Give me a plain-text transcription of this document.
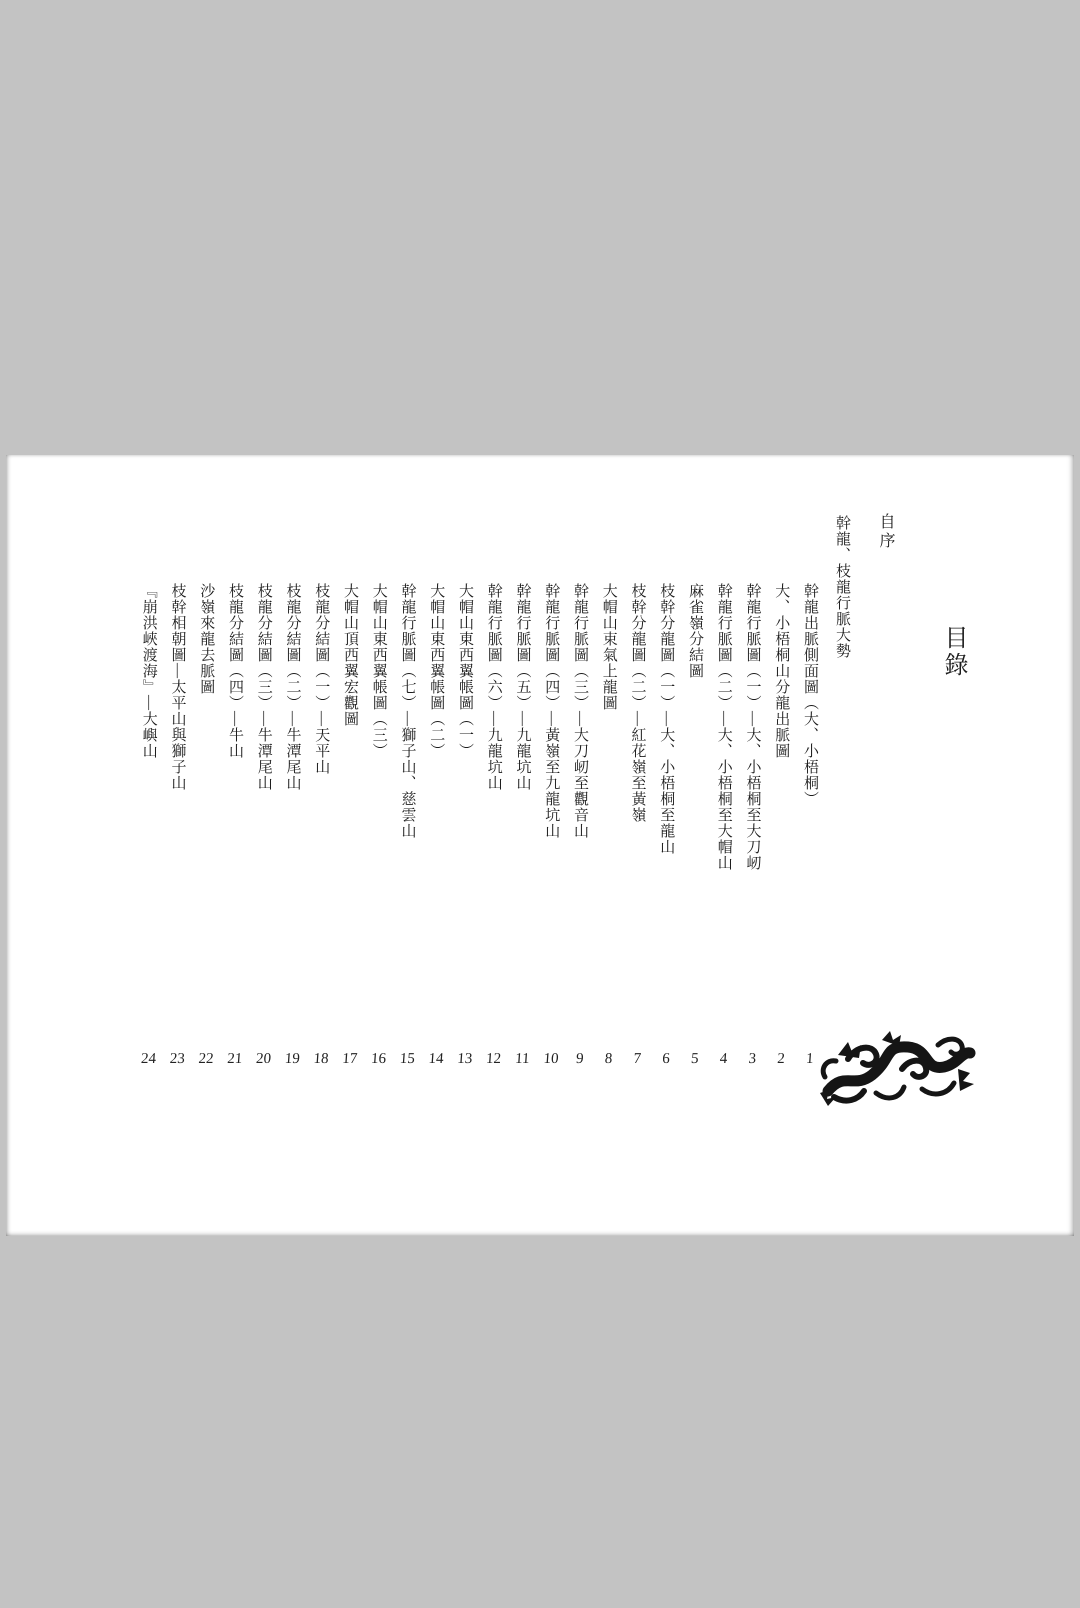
目錄
自序
幹龍、枝龍行脈大勢
幹龍出脈側面圖（大、小梧桐）
大、小梧桐山分龍出脈圖
幹龍行脈圖（一）—大、小梧桐至大刀屻
幹龍行脈圖（二）—大、小梧桐至大帽山
麻雀嶺分結圖
枝幹分龍圖（一）—大、小梧桐至龍山
枝幹分龍圖（二）—紅花嶺至黃嶺
大帽山束氣上龍圖
幹龍行脈圖（三）—大刀屻至觀音山
幹龍行脈圖（四）—黃嶺至九龍坑山
幹龍行脈圖（五）—九龍坑山
幹龍行脈圖（六）—九龍坑山
大帽山東西翼帳圖（一）
大帽山東西翼帳圖（二）
幹龍行脈圖（七）—獅子山、慈雲山
大帽山東西翼帳圖（三）
大帽山頂西翼宏觀圖
枝龍分結圖（一）—天平山
枝龍分結圖（二）—牛潭尾山
枝龍分結圖（三）—牛潭尾山
枝龍分結圖（四）—牛山
沙嶺來龍去脈圖
枝幹相朝圖—太平山與獅子山
『崩洪峽渡海』—大嶼山
1
2
3
4
5
6
7
8
9
10
11
12
13
14
15
16
17
18
19
20
21
22
23
24
